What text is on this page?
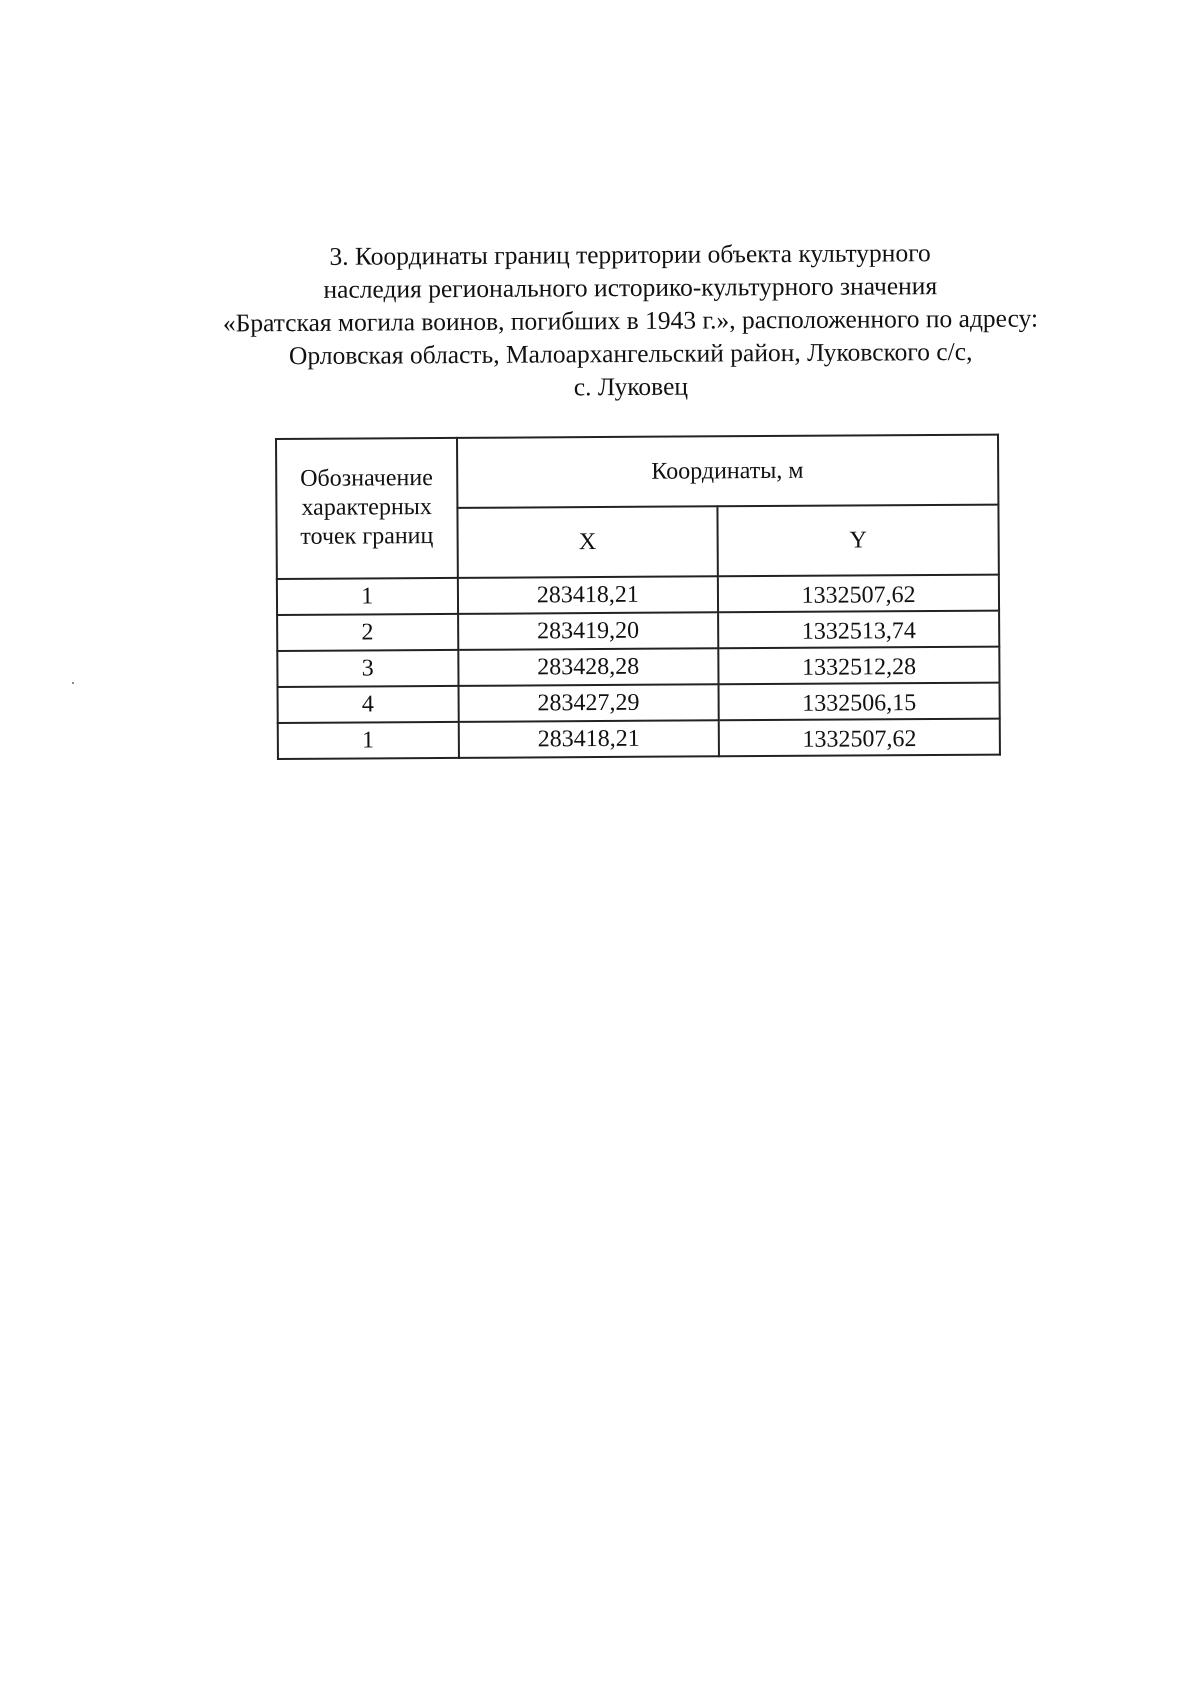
3. Координаты границ территории объекта культурного
наследия регионального историко-культурного значения
«Братская могила воинов, погибших в 1943 г.», расположенного по адресу:
Орловская область, Малоархангельский район, Луковского с/с,
с. Луковец
Обозначение характерных точек границ	Координаты, м	
	X	Y
1	283418,21	1332507,62
2	283419,20	1332513,74
3	283428,28	1332512,28
4	283427,29	1332506,15
1	283418,21	1332507,62
